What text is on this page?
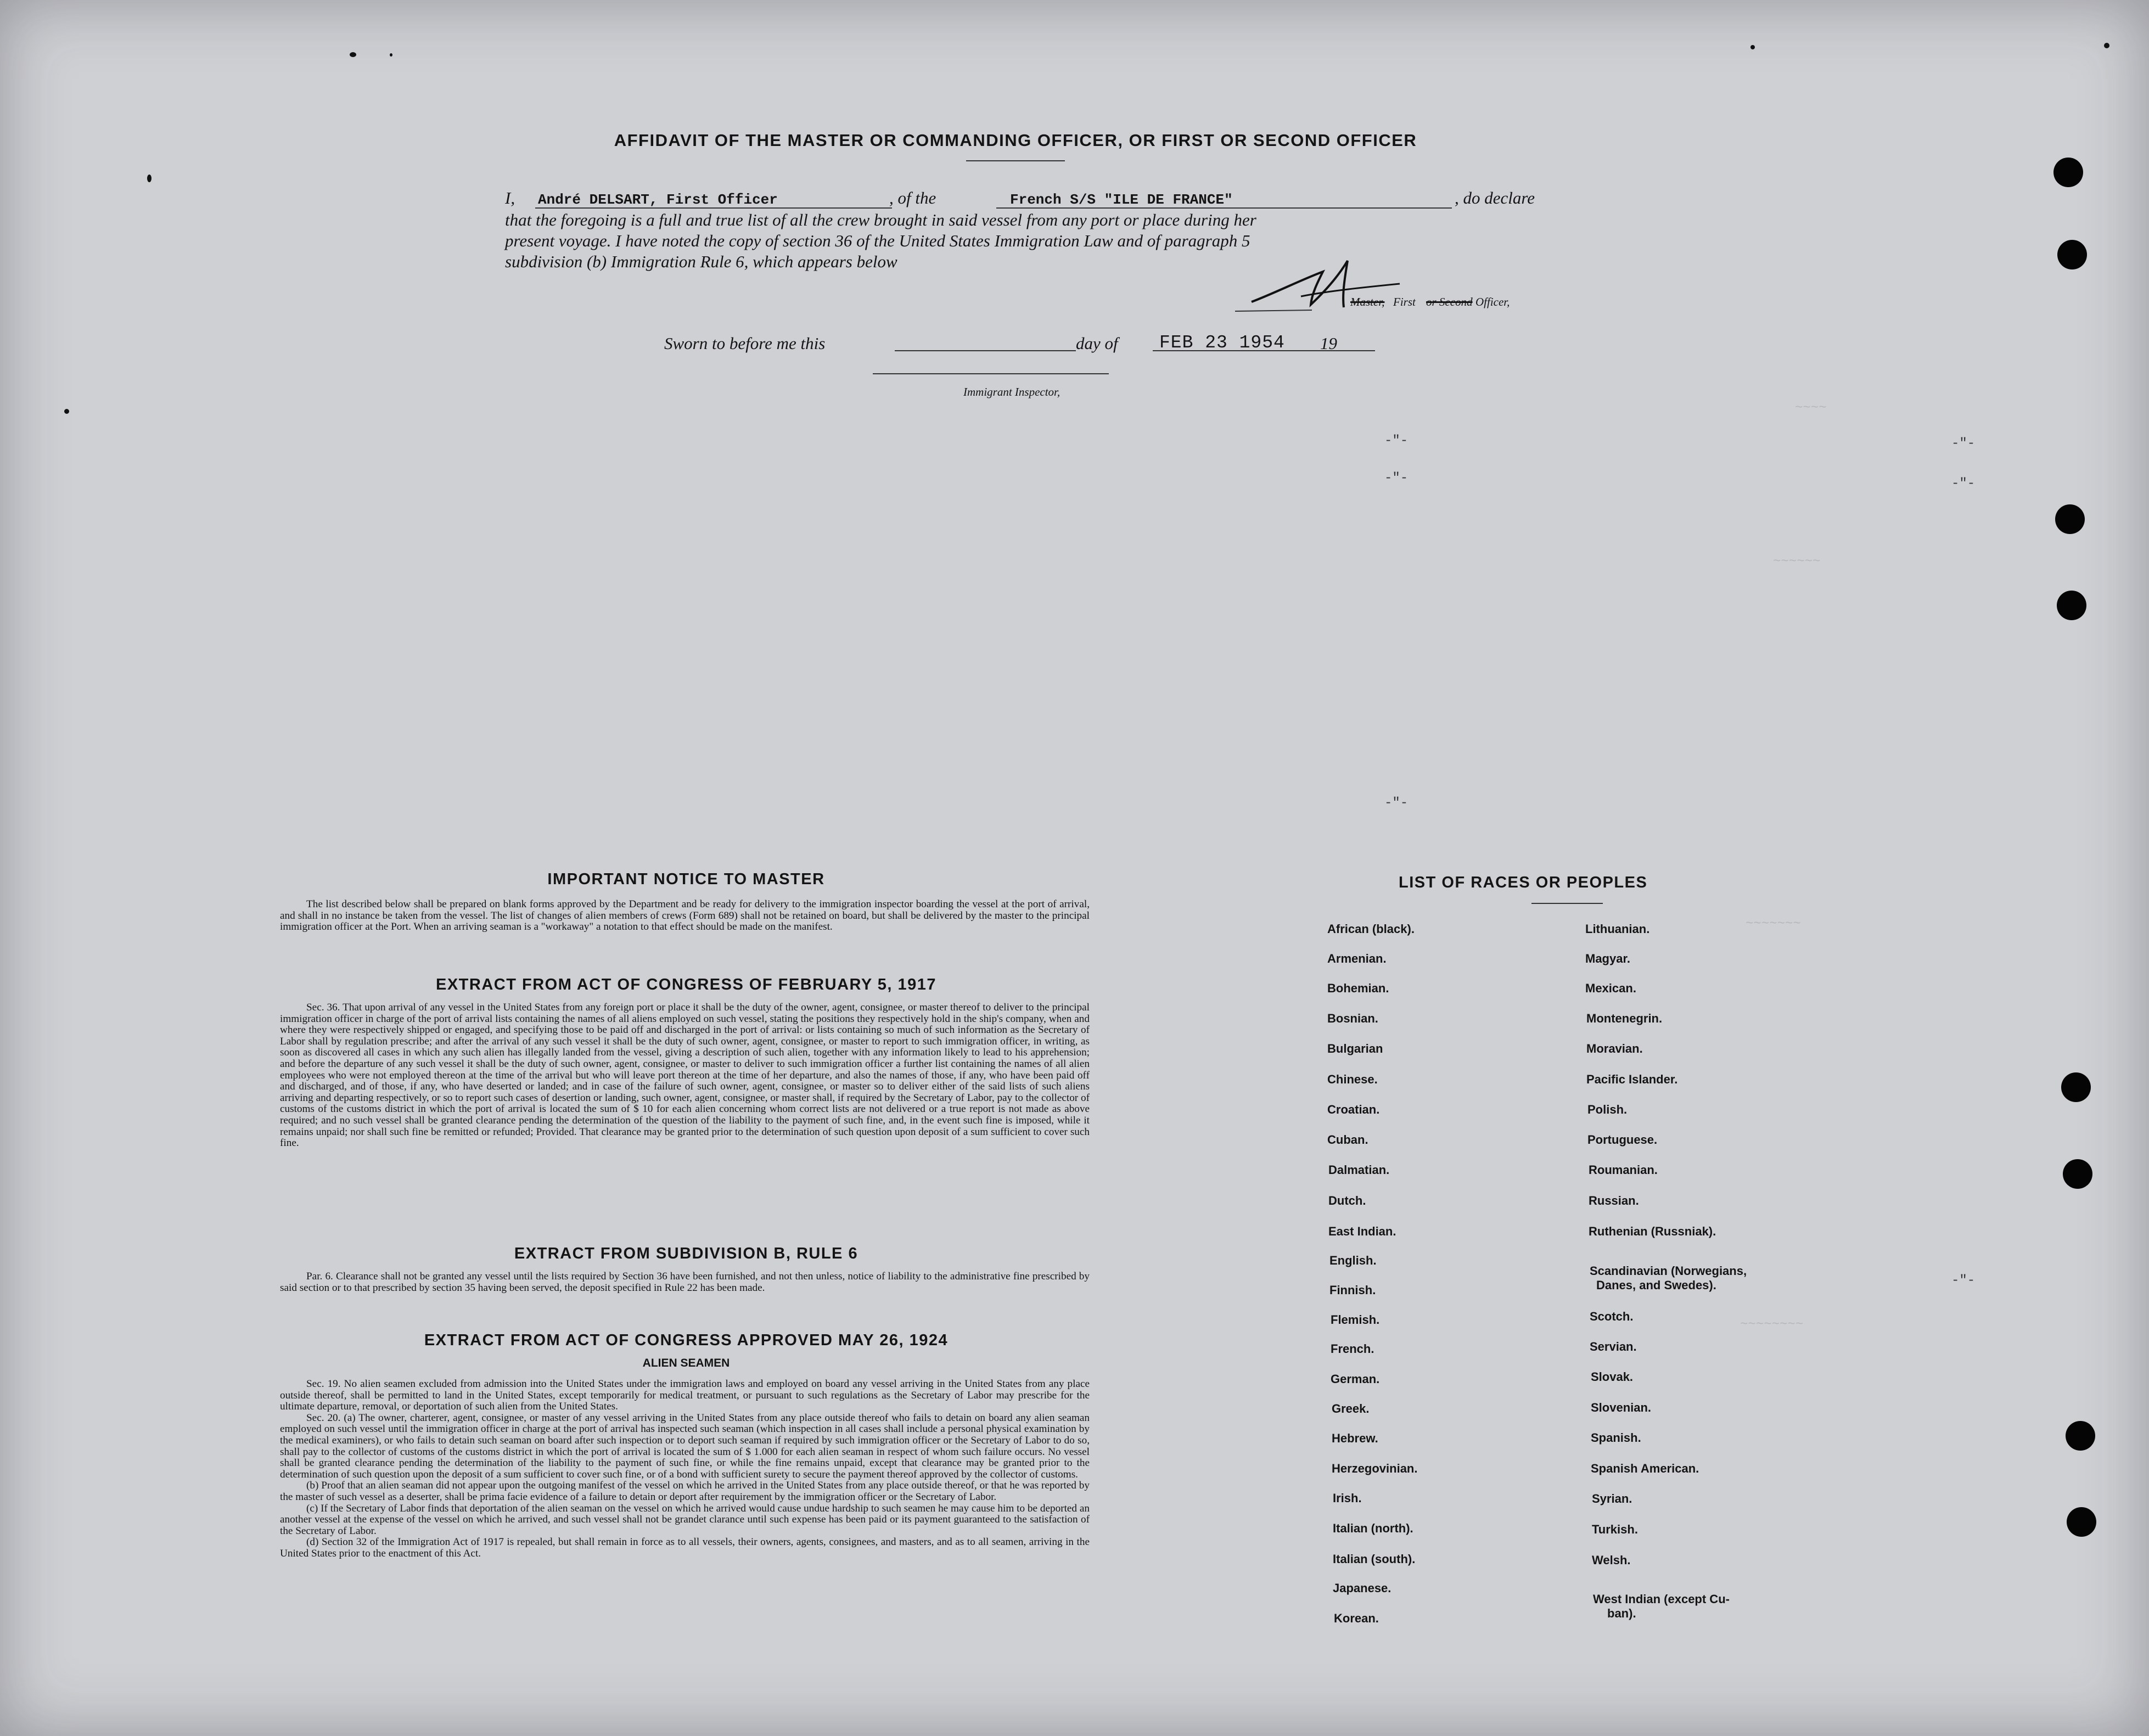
~~~~
~~~~~~
~~~~~~~
~~~~~~~~
-"-
-"-
-"-
-"-
-"-
-"-
AFFIDAVIT OF THE MASTER OR COMMANDING OFFICER, OR FIRST OR SECOND OFFICER
I, André DELSART, First Officer	, of the	French S/S "ILE DE FRANCE"	, do declare
that the foregoing is a full and true list of all the crew brought in said vessel from any port or place during her
present voyage. I have noted the copy of section 36 of the United States Immigration Law and of paragraph 5
subdivision (b) Immigration Rule 6, which appears below
Master, First or Second Officer,
Sworn to before me this	day of FEB 23 1954 19
Immigrant Inspector,
IMPORTANT NOTICE TO MASTER

The list described below shall be prepared on blank forms approved by the Department and be ready for delivery to the immigration inspector boarding the vessel at the port of arrival, and shall in no instance be taken from the vessel. The list of changes of alien members of crews (Form 689) shall not be retained on board, but shall be delivered by the master to the principal immigration officer at the Port. When an arriving seaman is a "workaway" a notation to that effect should be made on the manifest.

EXTRACT FROM ACT OF CONGRESS OF FEBRUARY 5, 1917

Sec. 36. That upon arrival of any vessel in the United States from any foreign port or place it shall be the duty of the owner, agent, consignee, or master thereof to deliver to the principal immigration officer in charge of the port of arrival lists containing the names of all aliens employed on such vessel, stating the positions they respectively hold in the ship's company, when and where they were respectively shipped or engaged, and specifying those to be paid off and discharged in the port of arrival: or lists containing so much of such information as the Secretary of Labor shall by regulation prescribe; and after the arrival of any such vessel it shall be the duty of such owner, agent, consignee, or master to report to such immigration officer, in writing, as soon as discovered all cases in which any such alien has illegally landed from the vessel, giving a description of such alien, together with any information likely to lead to his apprehension; and before the departure of any such vessel it shall be the duty of such owner, agent, consignee, or master to deliver to such immigration officer a further list containing the names of all alien employees who were not employed thereon at the time of the arrival but who will leave port thereon at the time of her departure, and also the names of those, if any, who have been paid off and discharged, and of those, if any, who have deserted or landed; and in case of the failure of such owner, agent, consignee, or master so to deliver either of the said lists of such aliens arriving and departing respectively, or so to report such cases of desertion or landing, such owner, agent, consignee, or master shall, if required by the Secretary of Labor, pay to the collector of customs of the customs district in which the port of arrival is located the sum of $ 10 for each alien concerning whom correct lists are not delivered or a true report is not made as above required; and no such vessel shall be granted clearance pending the determination of the question of the liability to the payment of such fine, and, in the event such fine is imposed, while it remains unpaid; nor shall such fine be remitted or refunded; Provided. That clearance may be granted prior to the determination of such question upon deposit of a sum sufficient to cover such fine.

EXTRACT FROM SUBDIVISION B, RULE 6

Par. 6. Clearance shall not be granted any vessel until the lists required by Section 36 have been furnished, and not then unless, notice of liability to the administrative fine prescribed by said section or to that prescribed by section 35 having been served, the deposit specified in Rule 22 has been made.

EXTRACT FROM ACT OF CONGRESS APPROVED MAY 26, 1924
ALIEN SEAMEN

Sec. 19. No alien seamen excluded from admission into the United States under the immigration laws and employed on board any vessel arriving in the United States from any place outside thereof, shall be permitted to land in the United States, except temporarily for medical treatment, or pursuant to such regulations as the Secretary of Labor may prescribe for the ultimate departure, removal, or deportation of such alien from the United States.

Sec. 20. (a) The owner, charterer, agent, consignee, or master of any vessel arriving in the United States from any place outside thereof who fails to detain on board any alien seaman employed on such vessel until the immigration officer in charge at the port of arrival has inspected such seaman (which inspection in all cases shall include a personal physical examination by the medical examiners), or who fails to detain such seaman on board after such inspection or to deport such seaman if required by such immigration officer or the Secretary of Labor to do so, shall pay to the collector of customs of the customs district in which the port of arrival is located the sum of $ 1.000 for each alien seaman in respect of whom such failure occurs. No vessel shall be granted clearance pending the determination of the liability to the payment of such fine, or while the fine remains unpaid, except that clearance may be granted prior to the determination of such question upon the deposit of a sum sufficient to cover such fine, or of a bond with sufficient surety to secure the payment thereof approved by the collector of customs.

(b) Proof that an alien seaman did not appear upon the outgoing manifest of the vessel on which he arrived in the United States from any place outside thereof, or that he was reported by the master of such vessel as a deserter, shall be prima facie evidence of a failure to detain or deport after requirement by the immigration officer or the Secretary of Labor.

(c) If the Secretary of Labor finds that deportation of the alien seaman on the vessel on which he arrived would cause undue hardship to such seamen he may cause him to be deported an another vessel at the expense of the vessel on which he arrived, and such vessel shall not be grandet clarance until such expense has been paid or its payment guaranteed to the satisfaction of the Secretary of Labor.

(d) Section 32 of the Immigration Act of 1917 is repealed, but shall remain in force as to all vessels, their owners, agents, consignees, and masters, and as to all seamen, arriving in the United States prior to the enactment of this Act.

LIST OF RACES OR PEOPLES
African (black).
Armenian.
Bohemian.
Bosnian.
Bulgarian
Chinese.
Croatian.
Cuban.
Dalmatian.
Dutch.
East Indian.
English.
Finnish.
Flemish.
French.
German.
Greek.
Hebrew.
Herzegovinian.
Irish.
Italian (north).
Italian (south).
Japanese.
Korean.
Lithuanian.
Magyar.
Mexican.
Montenegrin.
Moravian.
Pacific Islander.
Polish.
Portuguese.
Roumanian.
Russian.
Ruthenian (Russniak).
Scandinavian (Norwegians,
Danes, and Swedes).
Scotch.
Servian.
Slovak.
Slovenian.
Spanish.
Spanish American.
Syrian.
Turkish.
Welsh.
West Indian (except Cu-
ban).
